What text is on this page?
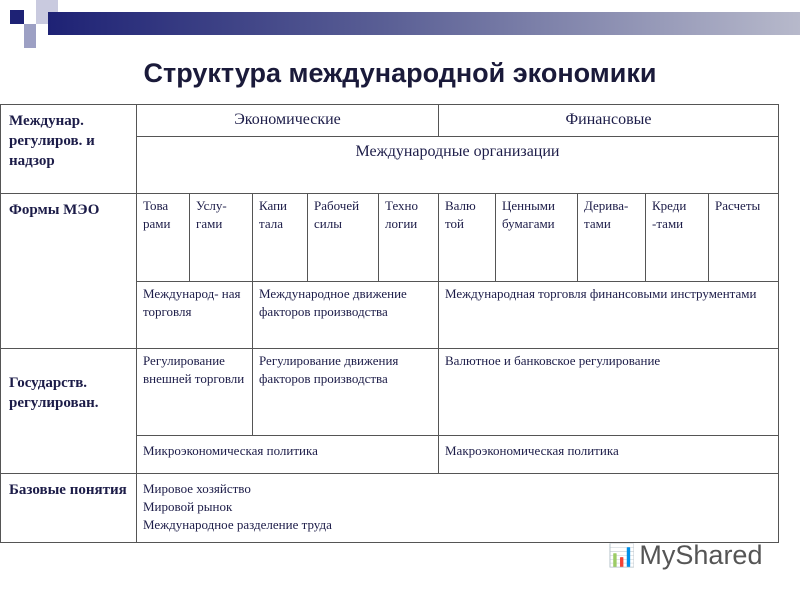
Структура международной экономики
Междунар. регулиров. и надзор
Формы МЭО
Государств. регулирован.
Базовые понятия
Экономические	Финансовые
Международные организации
Това рами
Услу- гами
Капи тала
Рабочей силы
Техно логии
Валю той
Ценными бумагами
Дерива- тами
Креди -тами
Расчеты
Международ- ная торговля
Международное движение факторов производства
Международная торговля финансовыми инструментами
Регулирование внешней торговли
Регулирование движения факторов производства
Валютное и банковское регулирование
Микроэкономическая политика	Макроэкономическая политика
Мировое хозяйство
Мировой рынок
Международное разделение труда
📊 MyShared
